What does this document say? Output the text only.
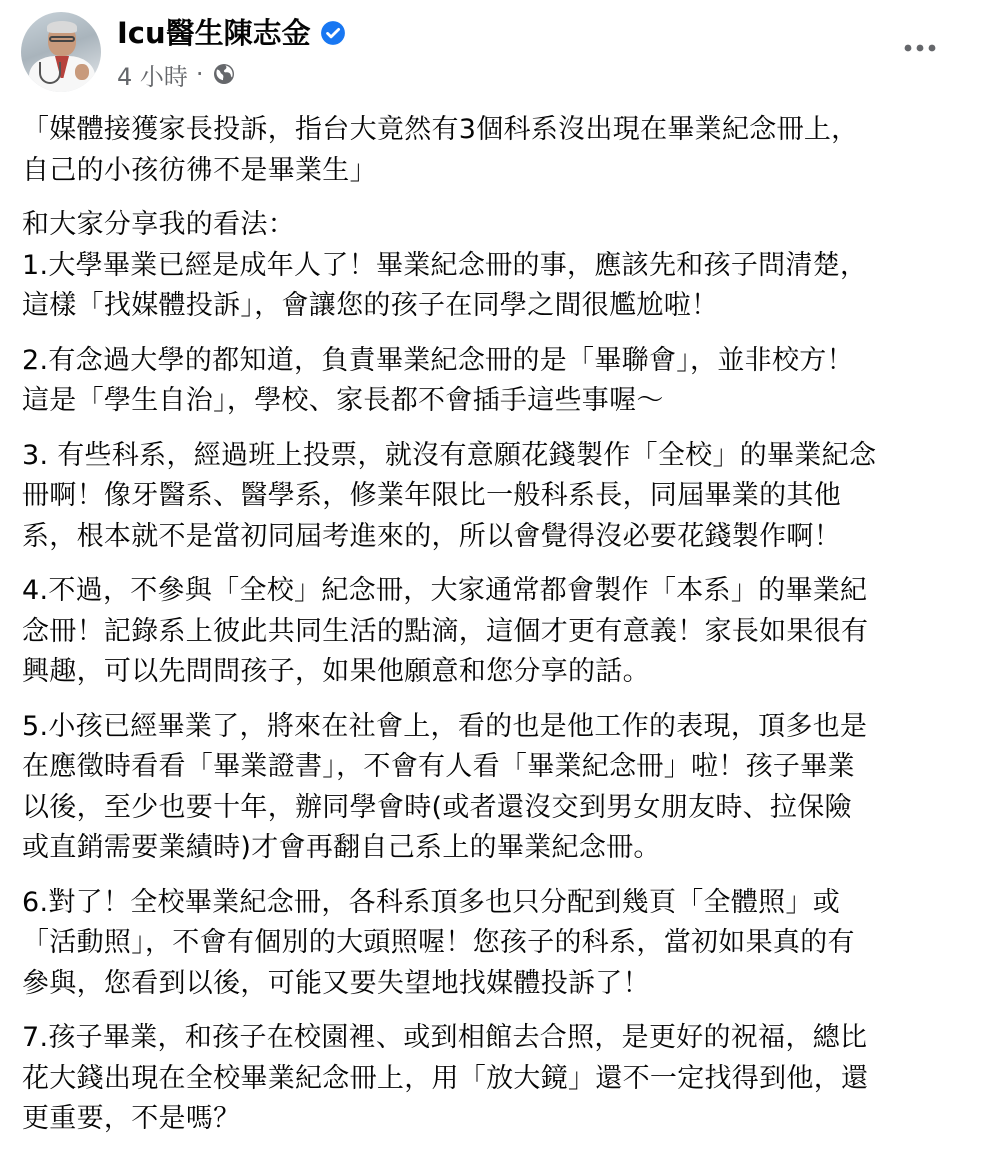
Icu醫生陳志金
4 小時 ·
「媒體接獲家長投訴，指台大竟然有3個科系沒出現在畢業紀念冊上，
自己的小孩彷彿不是畢業生」
和大家分享我的看法：
1.大學畢業已經是成年人了！畢業紀念冊的事，應該先和孩子問清楚，
這樣「找媒體投訴」，會讓您的孩子在同學之間很尷尬啦！
2.有念過大學的都知道，負責畢業紀念冊的是「畢聯會」，並非校方！
這是「學生自治」，學校、家長都不會插手這些事喔～
3. 有些科系，經過班上投票，就沒有意願花錢製作「全校」的畢業紀念
冊啊！像牙醫系、醫學系，修業年限比一般科系長，同屆畢業的其他
系，根本就不是當初同屆考進來的，所以會覺得沒必要花錢製作啊！
4.不過，不參與「全校」紀念冊，大家通常都會製作「本系」的畢業紀
念冊！記錄系上彼此共同生活的點滴，這個才更有意義！家長如果很有
興趣，可以先問問孩子，如果他願意和您分享的話。
5.小孩已經畢業了，將來在社會上，看的也是他工作的表現，頂多也是
在應徵時看看「畢業證書」，不會有人看「畢業紀念冊」啦！孩子畢業
以後，至少也要十年，辦同學會時(或者還沒交到男女朋友時、拉保險
或直銷需要業績時)才會再翻自己系上的畢業紀念冊。
6.對了！全校畢業紀念冊，各科系頂多也只分配到幾頁「全體照」或
「活動照」，不會有個別的大頭照喔！您孩子的科系，當初如果真的有
參與，您看到以後，可能又要失望地找媒體投訴了！
7.孩子畢業，和孩子在校園裡、或到相館去合照，是更好的祝福，總比
花大錢出現在全校畢業紀念冊上，用「放大鏡」還不一定找得到他，還
更重要，不是嗎？
